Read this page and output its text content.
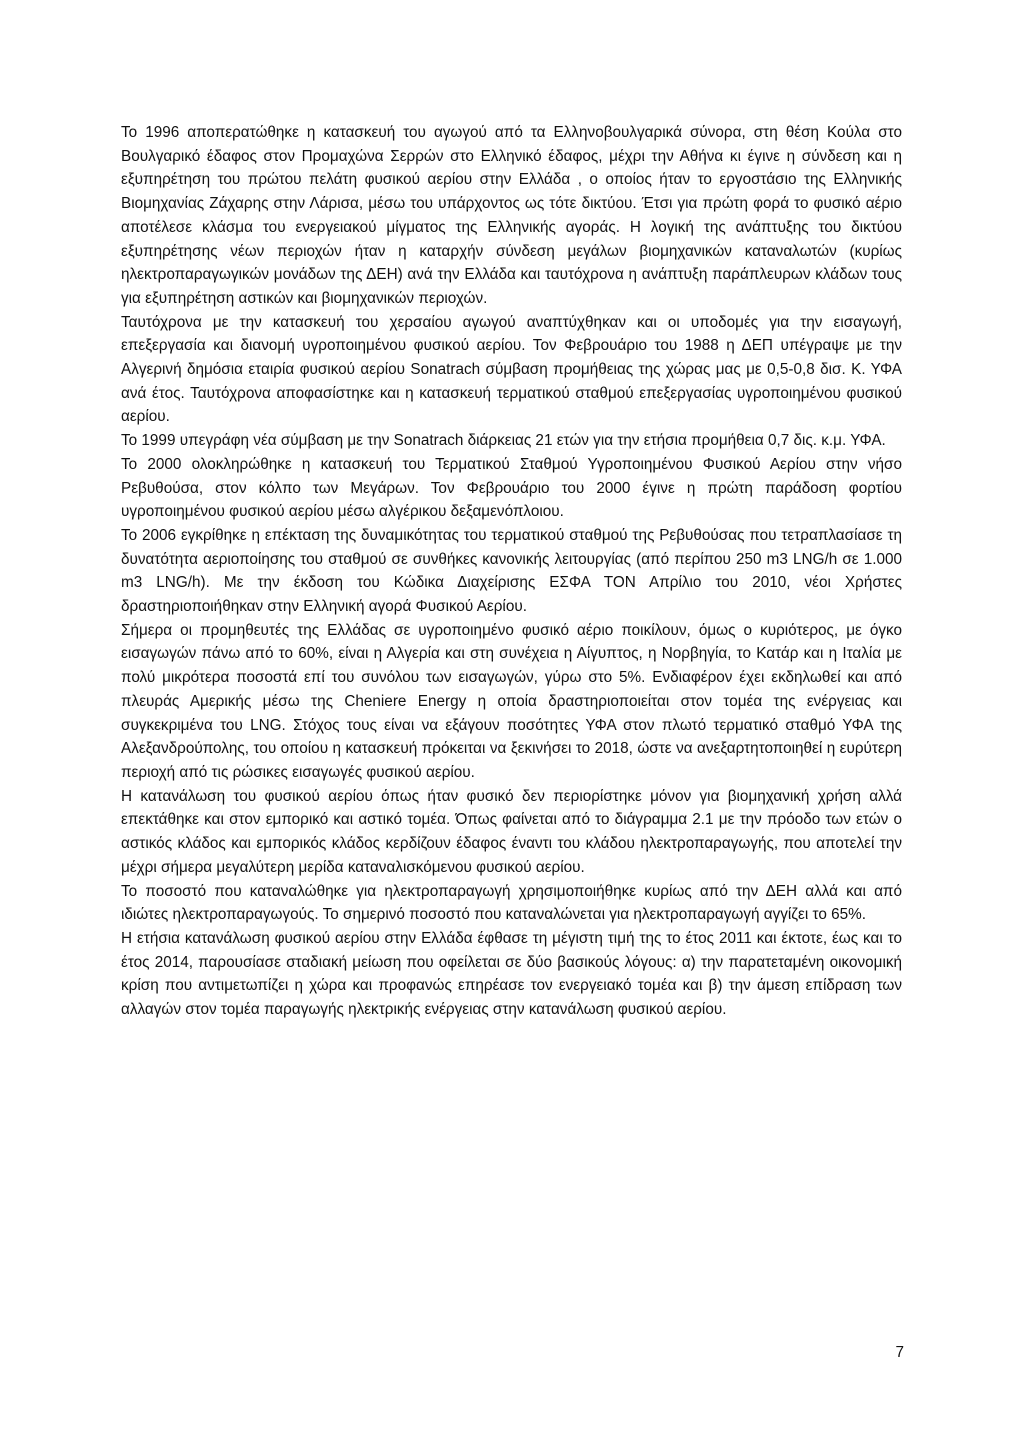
Το 1996 αποπερατώθηκε η κατασκευή του αγωγού από τα Ελληνοβουλγαρικά σύνορα, στη θέση Κούλα στο Βουλγαρικό έδαφος στον Προμαχώνα Σερρών στο Ελληνικό έδαφος, μέχρι την Αθήνα κι έγινε η σύνδεση και η εξυπηρέτηση του πρώτου πελάτη φυσικού αερίου στην Ελλάδα , ο οποίος ήταν το εργοστάσιο της Ελληνικής Βιομηχανίας Ζάχαρης στην Λάρισα, μέσω του υπάρχοντος ως τότε δικτύου. Έτσι για πρώτη φορά το φυσικό αέριο αποτέλεσε κλάσμα του ενεργειακού μίγματος της Ελληνικής αγοράς. Η λογική της ανάπτυξης του δικτύου εξυπηρέτησης νέων περιοχών ήταν η καταρχήν σύνδεση μεγάλων βιομηχανικών καταναλωτών (κυρίως ηλεκτροπαραγωγικών μονάδων της ΔΕΗ) ανά την Ελλάδα και ταυτόχρονα η ανάπτυξη παράπλευρων κλάδων τους για εξυπηρέτηση αστικών και βιομηχανικών περιοχών.

Ταυτόχρονα με την κατασκευή του χερσαίου αγωγού αναπτύχθηκαν και οι υποδομές για την εισαγωγή, επεξεργασία και διανομή υγροποιημένου φυσικού αερίου. Τον Φεβρουάριο του 1988 η ΔΕΠ υπέγραψε με την Αλγερινή δημόσια εταιρία φυσικού αερίου Sonatrach σύμβαση προμήθειας της χώρας μας με 0,5-0,8 δισ. Κ. ΥΦΑ ανά έτος. Ταυτόχρονα αποφασίστηκε και η κατασκευή τερματικού σταθμού επεξεργασίας υγροποιημένου φυσικού αερίου.

Το 1999 υπεγράφη νέα σύμβαση με την Sonatrach διάρκειας 21 ετών για την ετήσια προμήθεια 0,7 δις. κ.μ. ΥΦΑ.

Το 2000 ολοκληρώθηκε η κατασκευή του Τερματικού Σταθμού Υγροποιημένου Φυσικού Αερίου στην νήσο Ρεβυθούσα, στον κόλπο των Μεγάρων. Τον Φεβρουάριο του 2000 έγινε η πρώτη παράδοση φορτίου υγροποιημένου φυσικού αερίου μέσω αλγέρικου δεξαμενόπλοιου.

Το 2006 εγκρίθηκε η επέκταση της δυναμικότητας του τερματικού σταθμού της Ρεβυθούσας που τετραπλασίασε τη δυνατότητα αεριοποίησης του σταθμού σε συνθήκες κανονικής λειτουργίας (από περίπου 250 m3 LNG/h σε 1.000 m3 LNG/h). Με την έκδοση του Κώδικα Διαχείρισης ΕΣΦΑ ΤΟΝ Απρίλιο του 2010, νέοι Χρήστες δραστηριοποιήθηκαν στην Ελληνική αγορά Φυσικού Αερίου.

Σήμερα οι προμηθευτές της Ελλάδας σε υγροποιημένο φυσικό αέριο ποικίλουν, όμως ο κυριότερος, με όγκο εισαγωγών πάνω από το 60%, είναι η Αλγερία και στη συνέχεια η Αίγυπτος, η Νορβηγία, το Κατάρ και η Ιταλία με πολύ μικρότερα ποσοστά επί του συνόλου των εισαγωγών, γύρω στο 5%. Ενδιαφέρον έχει εκδηλωθεί και από πλευράς Αμερικής μέσω της Cheniere Energy η οποία δραστηριοποιείται στον τομέα της ενέργειας και συγκεκριμένα του LNG. Στόχος τους είναι να εξάγουν ποσότητες ΥΦΑ στον πλωτό τερματικό σταθμό ΥΦΑ της Αλεξανδρούπολης, του οποίου η κατασκευή πρόκειται να ξεκινήσει το 2018, ώστε να ανεξαρτητοποιηθεί η ευρύτερη περιοχή από τις ρώσικες εισαγωγές φυσικού αερίου.

Η κατανάλωση του φυσικού αερίου όπως ήταν φυσικό δεν περιορίστηκε μόνον για βιομηχανική χρήση αλλά επεκτάθηκε και στον εμπορικό και αστικό τομέα. Όπως φαίνεται από το διάγραμμα 2.1 με την πρόοδο των ετών ο αστικός κλάδος και εμπορικός κλάδος κερδίζουν έδαφος έναντι του κλάδου ηλεκτροπαραγωγής, που αποτελεί την μέχρι σήμερα μεγαλύτερη μερίδα καταναλισκόμενου φυσικού αερίου.

Το ποσοστό που καταναλώθηκε για ηλεκτροπαραγωγή χρησιμοποιήθηκε κυρίως από την ΔΕΗ αλλά και από ιδιώτες ηλεκτροπαραγωγούς. Το σημερινό ποσοστό που καταναλώνεται για ηλεκτροπαραγωγή αγγίζει το 65%.

Η ετήσια κατανάλωση φυσικού αερίου στην Ελλάδα έφθασε τη μέγιστη τιμή της το έτος 2011 και έκτοτε, έως και το έτος 2014, παρουσίασε σταδιακή μείωση που οφείλεται σε δύο βασικούς λόγους: α) την παρατεταμένη οικονομική κρίση που αντιμετωπίζει η χώρα και προφανώς επηρέασε τον ενεργειακό τομέα και β) την άμεση επίδραση των αλλαγών στον τομέα παραγωγής ηλεκτρικής ενέργειας στην κατανάλωση φυσικού αερίου.

7
